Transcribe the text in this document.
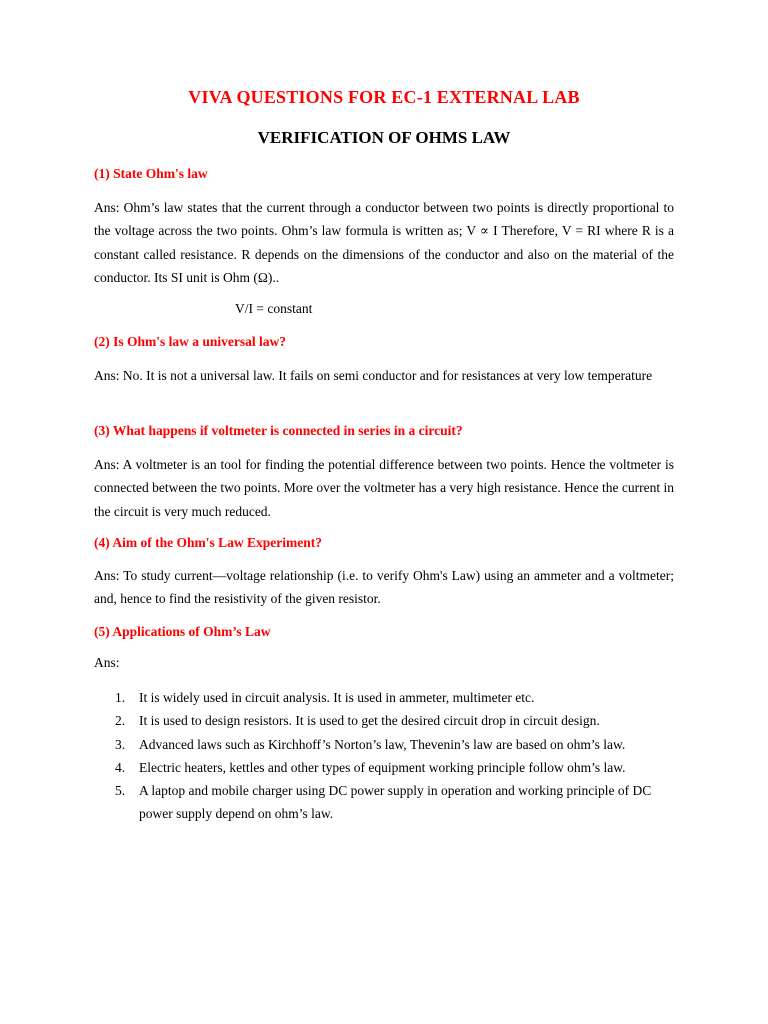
VIVA QUESTIONS FOR EC-1 EXTERNAL LAB
VERIFICATION OF OHMS LAW
(1) State Ohm's law
Ans: Ohm’s law states that the current through a conductor between two points is directly proportional to the voltage across the two points. Ohm’s law formula is written as; V ∝ I Therefore, V = RI where R is a constant called resistance. R depends on the dimensions of the conductor and also on the material of the conductor. Its SI unit is Ohm (Ω)..
V/I = constant
(2) Is Ohm's law a universal law?
Ans: No. It is not a universal law. It fails on semi conductor and for resistances at very low temperature
(3) What happens if voltmeter is connected in series in a circuit?
Ans: A voltmeter is an tool for finding the potential difference between two points. Hence the voltmeter is connected between the two points. More over the voltmeter has a very high resistance. Hence the current in the circuit is very much reduced.
(4) Aim of the Ohm's Law Experiment?
Ans: To study current—voltage relationship (i.e. to verify Ohm's Law) using an ammeter and a voltmeter; and, hence to find the resistivity of the given resistor.
(5) Applications of Ohm’s Law
Ans:
1. It is widely used in circuit analysis. It is used in ammeter, multimeter etc.
2. It is used to design resistors. It is used to get the desired circuit drop in circuit design.
3. Advanced laws such as Kirchhoff’s Norton’s law, Thevenin’s law are based on ohm’s law.
4. Electric heaters, kettles and other types of equipment working principle follow ohm’s law.
5. A laptop and mobile charger using DC power supply in operation and working principle of DC power supply depend on ohm’s law.
